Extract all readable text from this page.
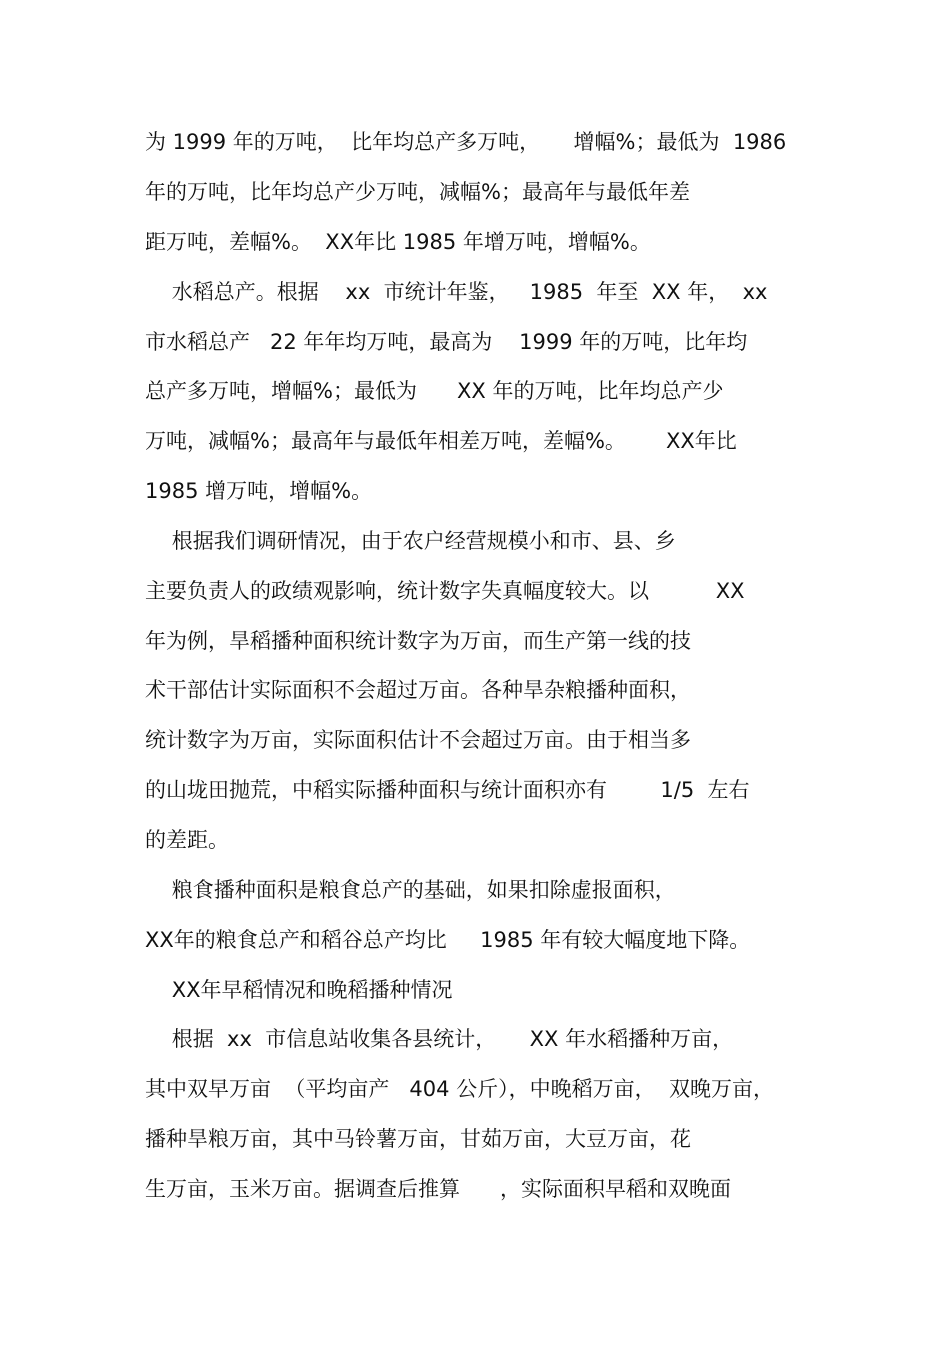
为 1999 年的万吨，  比年均总产多万吨，     增幅%；最低为  1986
年的万吨，比年均总产少万吨，减幅%；最高年与最低年差
距万吨，差幅%。  XX年比 1985 年增万吨，增幅%。
水稻总产。根据    xx  市统计年鉴，   1985  年至  XX 年，  xx
市水稻总产   22 年年均万吨，最高为    1999 年的万吨，比年均
总产多万吨，增幅%；最低为      XX 年的万吨，比年均总产少
万吨，减幅%；最高年与最低年相差万吨，差幅%。      XX年比
1985 增万吨，增幅%。
根据我们调研情况，由于农户经营规模小和市、县、乡
主要负责人的政绩观影响，统计数字失真幅度较大。以          XX
年为例，旱稻播种面积统计数字为万亩，而生产第一线的技
术干部估计实际面积不会超过万亩。各种旱杂粮播种面积，
统计数字为万亩，实际面积估计不会超过万亩。由于相当多
的山垅田抛荒，中稻实际播种面积与统计面积亦有        1/5  左右
的差距。
粮食播种面积是粮食总产的基础，如果扣除虚报面积，
XX年的粮食总产和稻谷总产均比     1985 年有较大幅度地下降。
XX年早稻情况和晚稻播种情况
根据  xx  市信息站收集各县统计，     XX 年水稻播种万亩，
其中双早万亩  （平均亩产   404 公斤），中晚稻万亩，  双晚万亩，
播种旱粮万亩，其中马铃薯万亩，甘茹万亩，大豆万亩，花
生万亩，玉米万亩。据调查后推算      ，实际面积早稻和双晚面
